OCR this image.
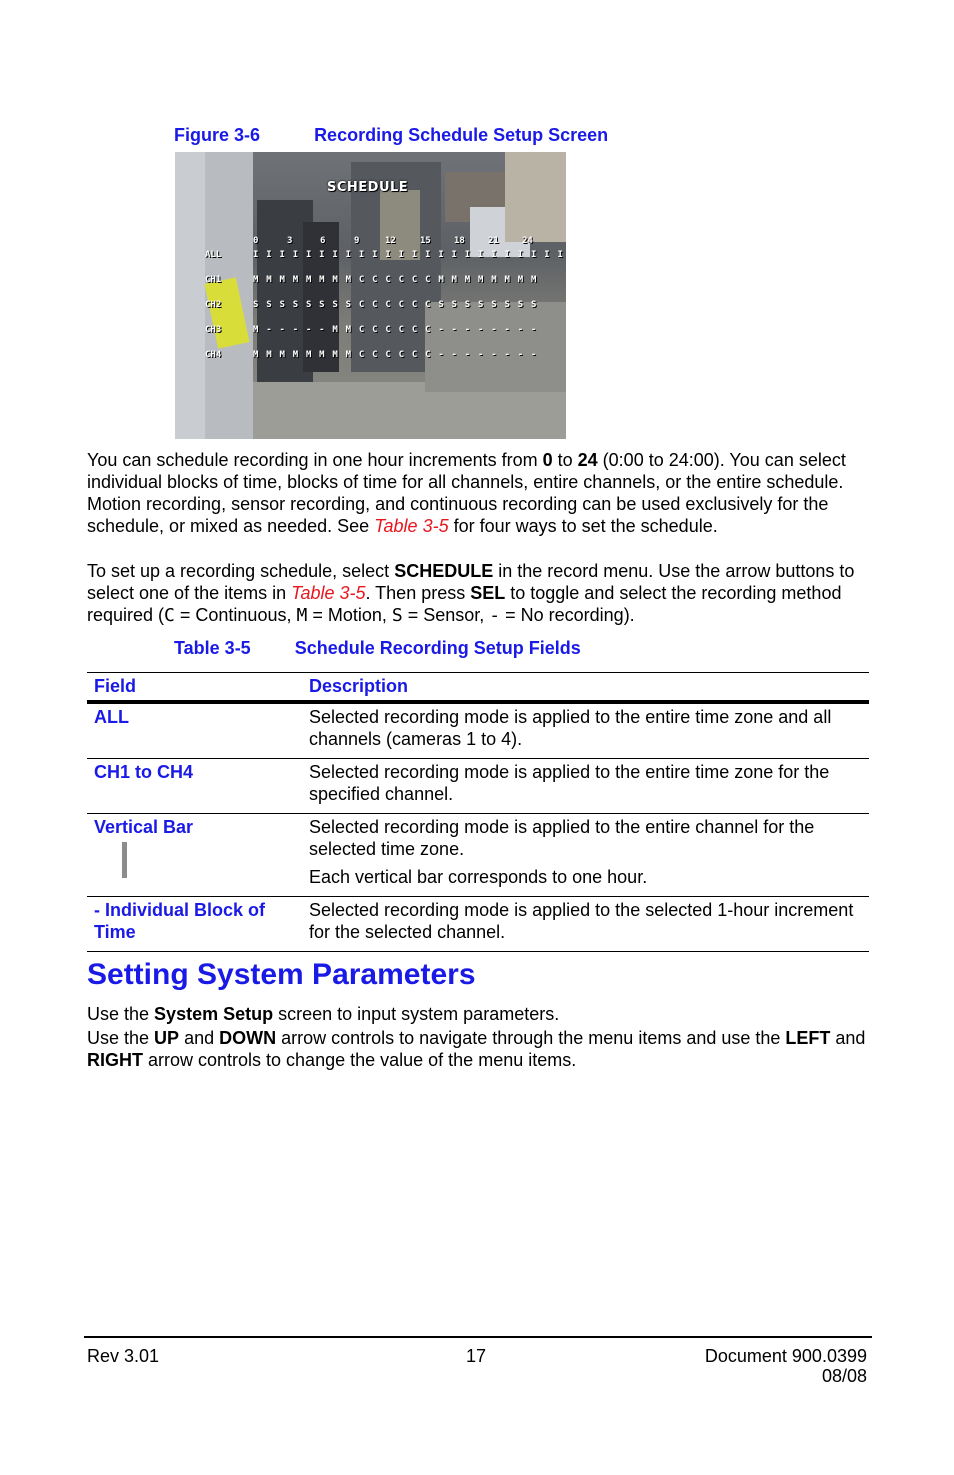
Figure 3-6	Recording Schedule Setup Screen
SCHEDULE
0	3	6	9	12	15	18	21	24
ALL	I I I I I I I I I I I I I I I I I I I I I I I I
CH1	M M M M M M M M C C C C C C M M M M M M M M
CH2	S S S S S S S S C C C C C C S S S S S S S S
CH3	M - - - - - M M C C C C C C - - - - - - - -
CH4	M M M M M M M M C C C C C C - - - - - - - -
You can schedule recording in one hour increments from 0 to 24 (0:00 to 24:00). You can select individual blocks of time, blocks of time for all channels, entire channels, or the entire schedule. Motion recording, sensor recording, and continuous recording can be used exclusively for the schedule, or mixed as needed. See Table 3-5 for four ways to set the schedule.
To set up a recording schedule, select SCHEDULE in the record menu. Use the arrow buttons to select one of the items in Table 3-5. Then press SEL to toggle and select the recording method required (C = Continuous, M = Motion, S = Sensor, - = No recording).
Table 3-5 Schedule Recording Setup Fields
Field	Description
ALL	Selected recording mode is applied to the entire time zone and all channels (cameras 1 to 4).

CH1 to CH4	Selected recording mode is applied to the entire time zone for the specified channel.

Vertical Bar	Selected recording mode is applied to the entire channel for the selected time zone.

Each vertical bar corresponds to one hour.

- Individual Block of Time	Selected recording mode is applied to the selected 1-hour increment for the selected channel.

Setting System Parameters
Use the System Setup screen to input system parameters.
Use the UP and DOWN arrow controls to navigate through the menu items and use the LEFT and RIGHT arrow controls to change the value of the menu items.
Rev 3.01	17	Document 900.0399
08/08
